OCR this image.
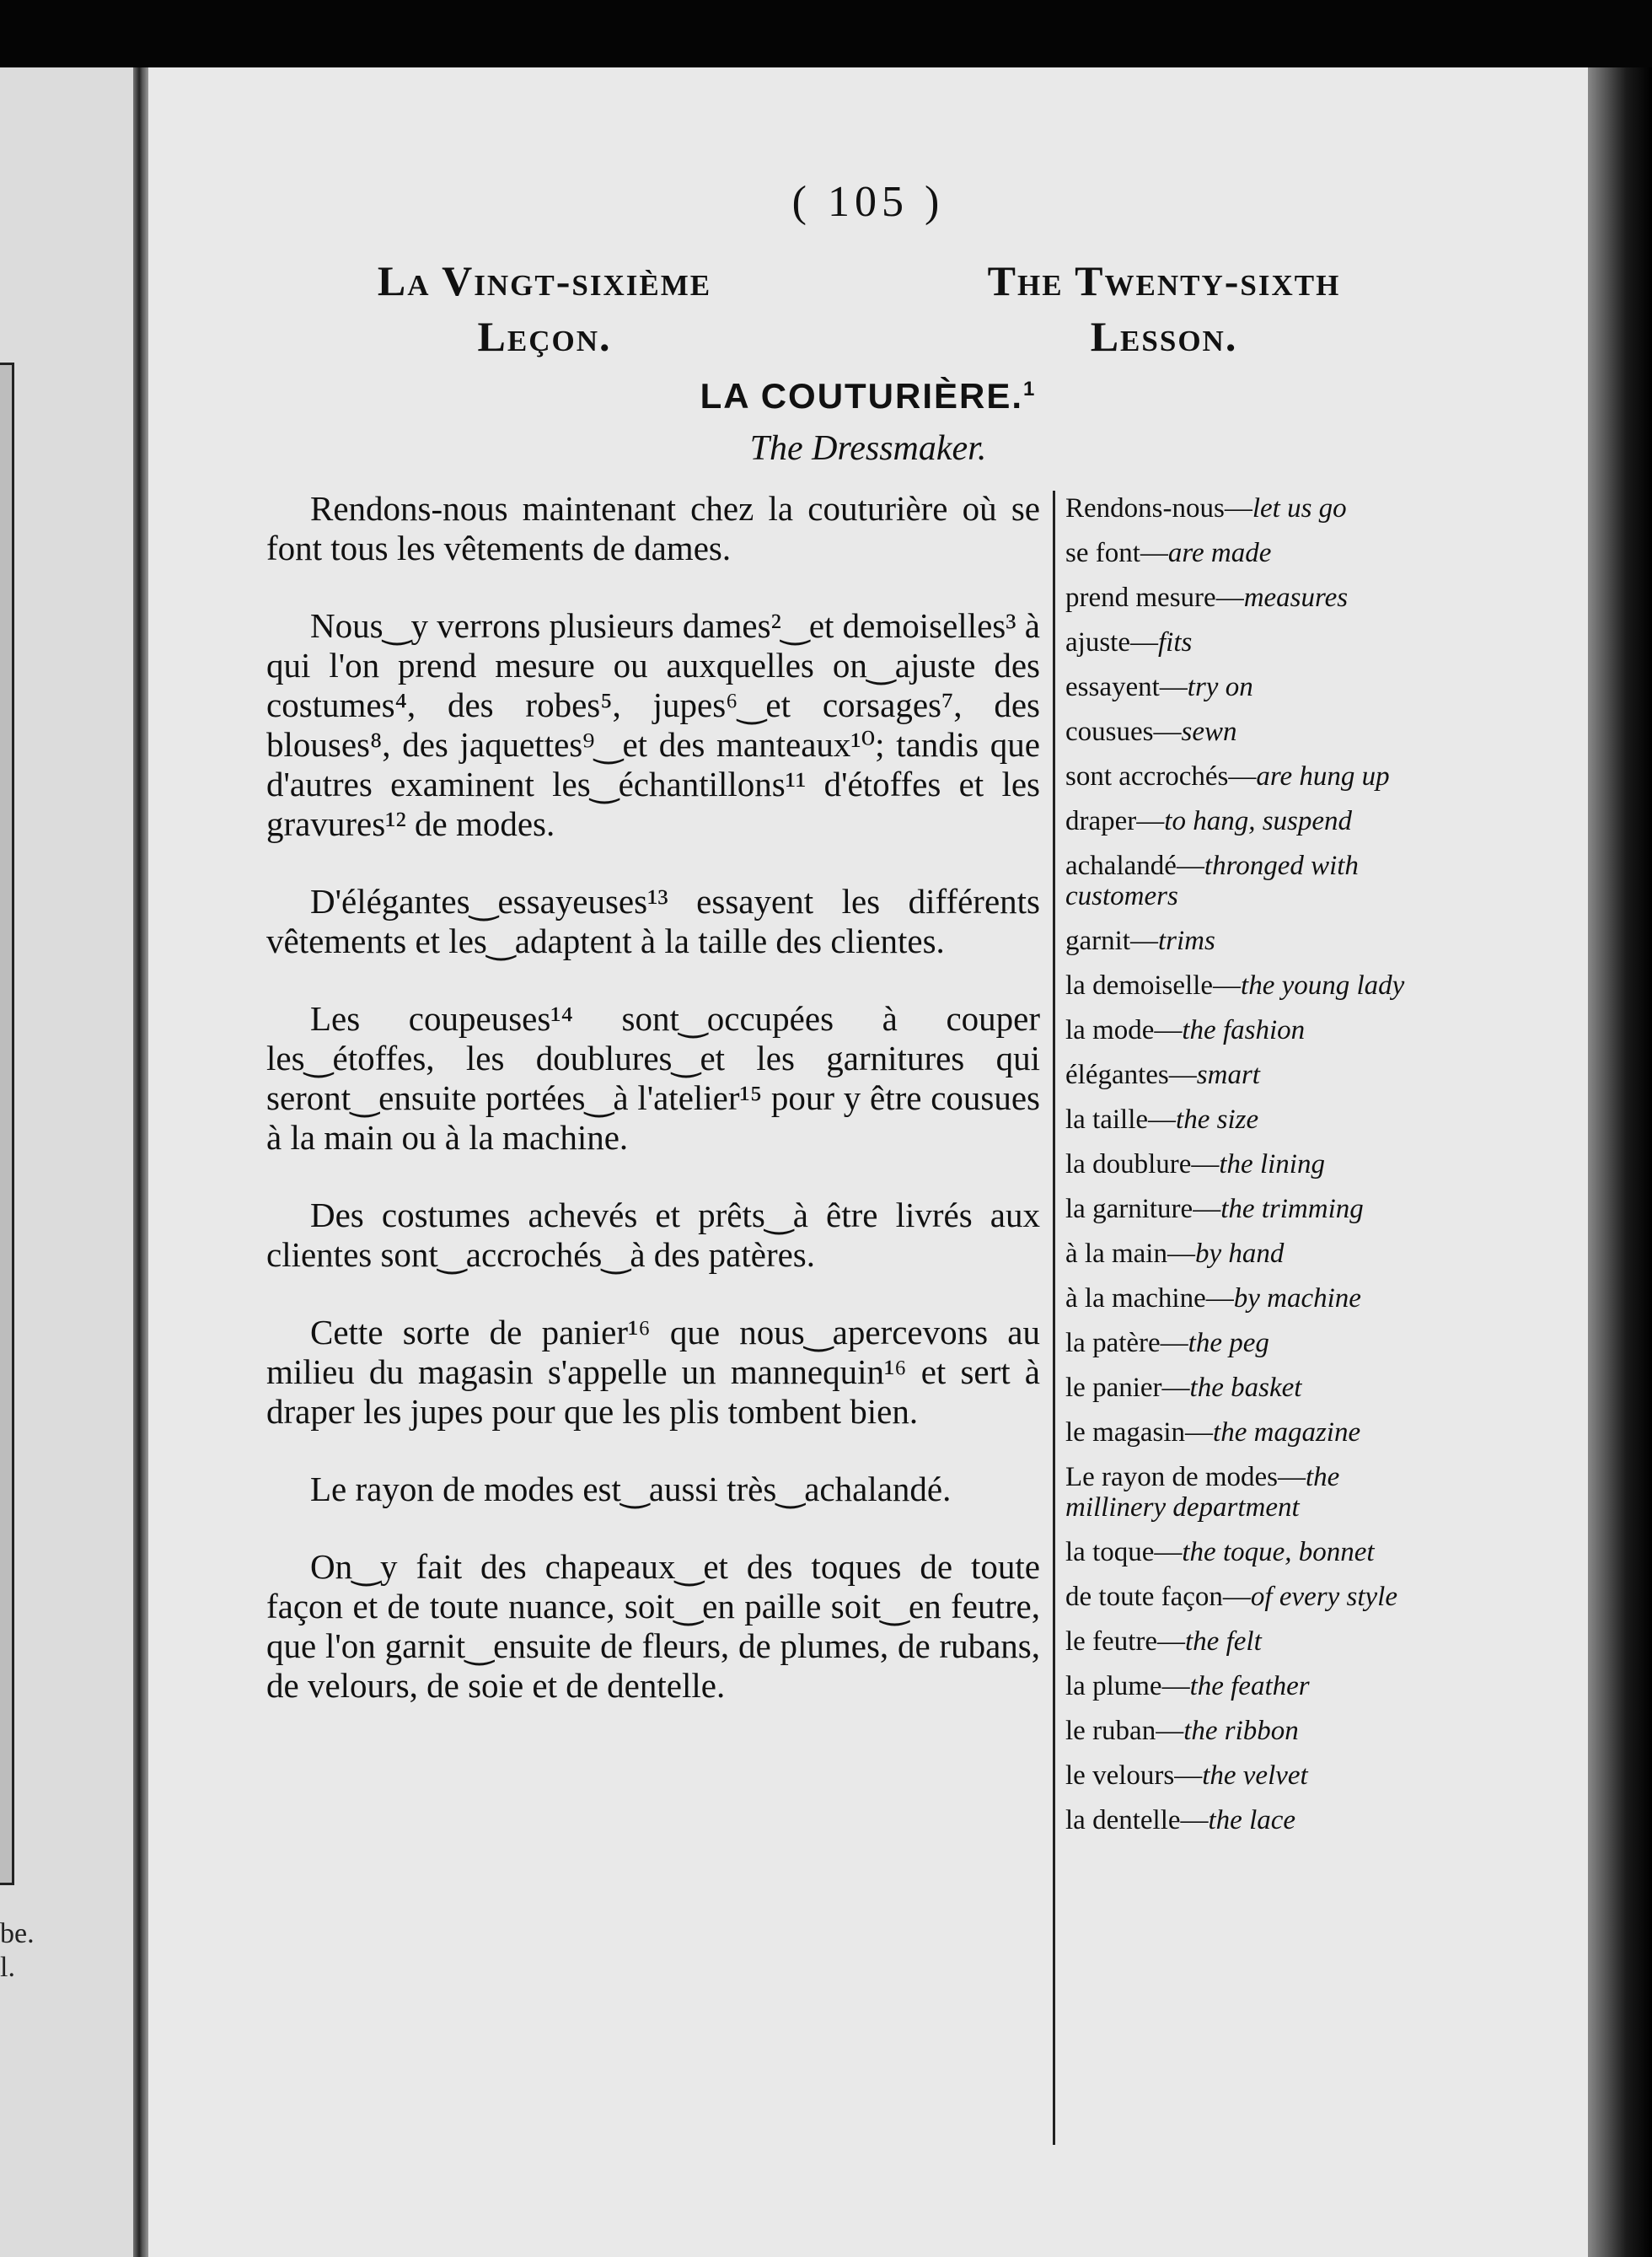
be.
l.
( 105 )
La Vingt-sixième Leçon.
The Twenty-sixth Lesson.
LA COUTURIÈRE.$^1$
The Dressmaker.

Rendons-nous maintenant chez la couturière où se font tous les vêtements de dames.

Nous‿y verrons plusieurs dames²‿et demoiselles³ à qui l'on prend mesure ou auxquelles on‿ajuste des costumes⁴, des robes⁵, jupes⁶‿et corsages⁷, des blouses⁸, des jaquettes⁹‿et des manteaux¹⁰; tandis que d'autres examinent les‿échantillons¹¹ d'étoffes et les gravures¹² de modes.

D'élégantes‿essayeuses¹³ essayent les différents vêtements et les‿adaptent à la taille des clientes.

Les coupeuses¹⁴ sont‿occupées à couper les‿étoffes, les doublures‿et les garnitures qui seront‿ensuite portées‿à l'atelier¹⁵ pour y être cousues à la main ou à la machine.

Des costumes achevés et prêts‿à être livrés aux clientes sont‿accrochés‿à des patères.

Cette sorte de panier¹⁶ que nous‿apercevons au milieu du magasin s'appelle un mannequin¹⁶ et sert à draper les jupes pour que les plis tombent bien.

Le rayon de modes est‿aussi très‿achalandé.

On‿y fait des chapeaux‿et des toques de toute façon et de toute nuance, soit‿en paille soit‿en feutre, que l'on garnit‿ensuite de fleurs, de plumes, de rubans, de velours, de soie et de dentelle.

Rendons-nous—let us go
se font—are made
prend mesure—measures
ajuste—fits
essayent—try on
cousues—sewn
sont accrochés—are hung up
draper—to hang, suspend
achalandé—thronged with customers
garnit—trims
la demoiselle—the young lady
la mode—the fashion
élégantes—smart
la taille—the size
la doublure—the lining
la garniture—the trimming
à la main—by hand
à la machine—by machine
la patère—the peg
le panier—the basket
le magasin—the magazine
Le rayon de modes—the millinery department
la toque—the toque, bonnet
de toute façon—of every style
le feutre—the felt
la plume—the feather
le ruban—the ribbon
le velours—the velvet
la dentelle—the lace
